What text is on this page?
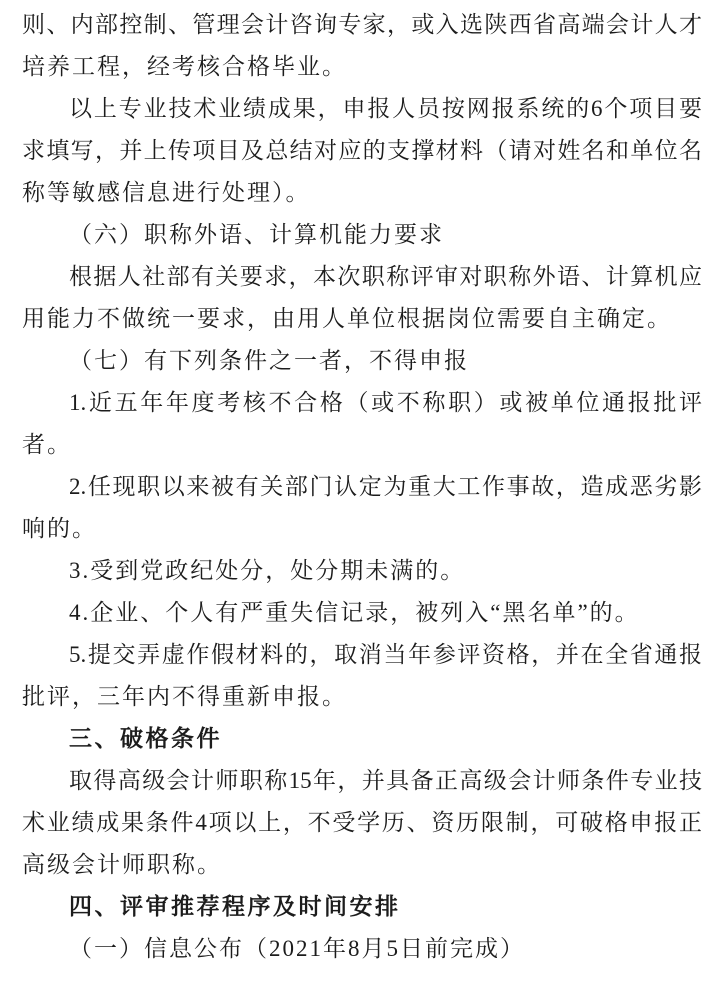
则、内部控制、管理会计咨询专家，或入选陕西省高端会计人才
培养工程，经考核合格毕业。
以上专业技术业绩成果，申报人员按网报系统的6个项目要
求填写，并上传项目及总结对应的支撑材料（请对姓名和单位名
称等敏感信息进行处理）。
（六）职称外语、计算机能力要求
根据人社部有关要求，本次职称评审对职称外语、计算机应
用能力不做统一要求，由用人单位根据岗位需要自主确定。
（七）有下列条件之一者，不得申报
1.近五年年度考核不合格（或不称职）或被单位通报批评
者。
2.任现职以来被有关部门认定为重大工作事故，造成恶劣影
响的。
3.受到党政纪处分，处分期未满的。
4.企业、个人有严重失信记录，被列入“黑名单”的。
5.提交弄虚作假材料的，取消当年参评资格，并在全省通报
批评，三年内不得重新申报。
三、破格条件
取得高级会计师职称15年，并具备正高级会计师条件专业技
术业绩成果条件4项以上，不受学历、资历限制，可破格申报正
高级会计师职称。
四、评审推荐程序及时间安排
（一）信息公布（2021年8月5日前完成）
